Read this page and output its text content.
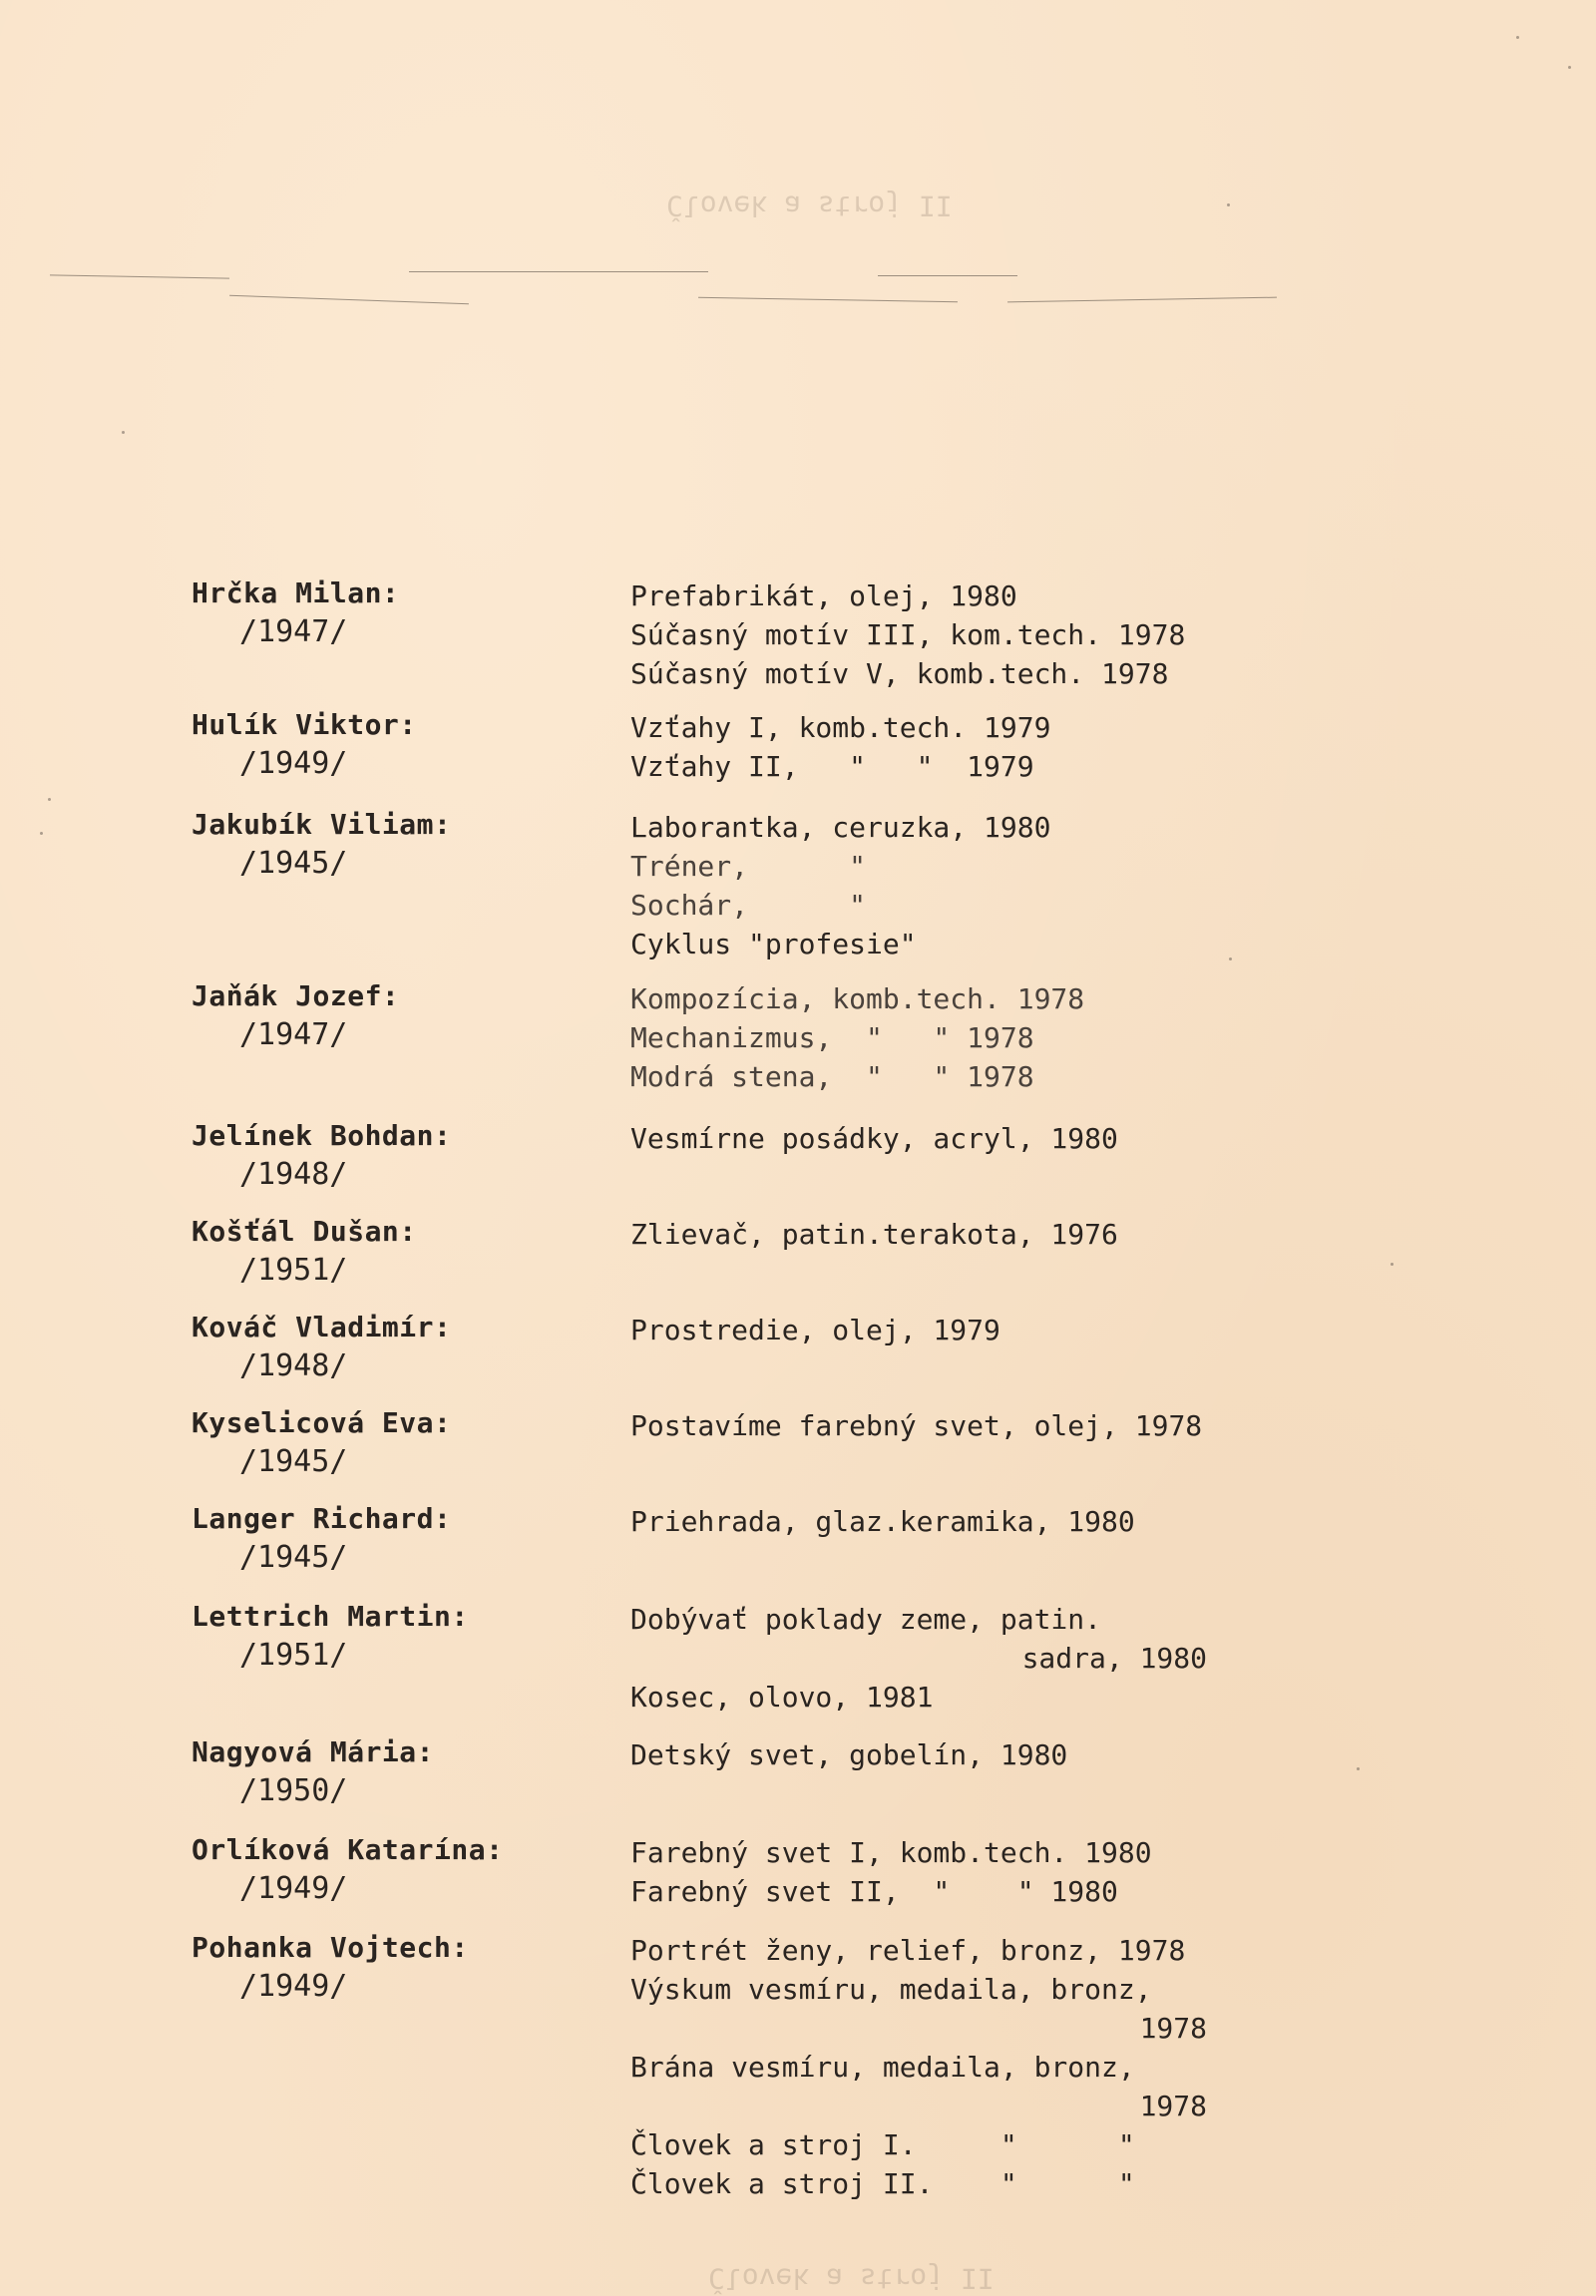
Človek a stroj II
Človek a stroj II
Hrčka Milan:
/1947/
Prefabrikát, olej, 1980
Súčasný motív III, kom.tech. 1978
Súčasný motív V, komb.tech. 1978
Hulík Viktor:
/1949/
Vzťahy I, komb.tech. 1979
Vzťahy II,   "   "  1979
Jakubík Viliam:
/1945/
Laborantka, ceruzka, 1980
Tréner,      "
Sochár,      "
Cyklus "profesie"
Jaňák Jozef:
/1947/
Kompozícia, komb.tech. 1978
Mechanizmus,  "   " 1978
Modrá stena,  "   " 1978
Jelínek Bohdan:
/1948/
Vesmírne posádky, acryl, 1980
Košťál Dušan:
/1951/
Zlievač, patin.terakota, 1976
Kováč Vladimír:
/1948/
Prostredie, olej, 1979
Kyselicová Eva:
/1945/
Postavíme farebný svet, olej, 1978
Langer Richard:
/1945/
Priehrada, glaz.keramika, 1980
Lettrich Martin:
/1951/
Dobývať poklady zeme, patin.
sadra, 1980
Kosec, olovo, 1981
Nagyová Mária:
/1950/
Detský svet, gobelín, 1980
Orlíková Katarína:
/1949/
Farebný svet I, komb.tech. 1980
Farebný svet II,  "    " 1980
Pohanka Vojtech:
/1949/
Portrét ženy, relief, bronz, 1978
Výskum vesmíru, medaila, bronz,
1978
Brána vesmíru, medaila, bronz,
1978
Človek a stroj I.     "      "
Človek a stroj II.    "      "
